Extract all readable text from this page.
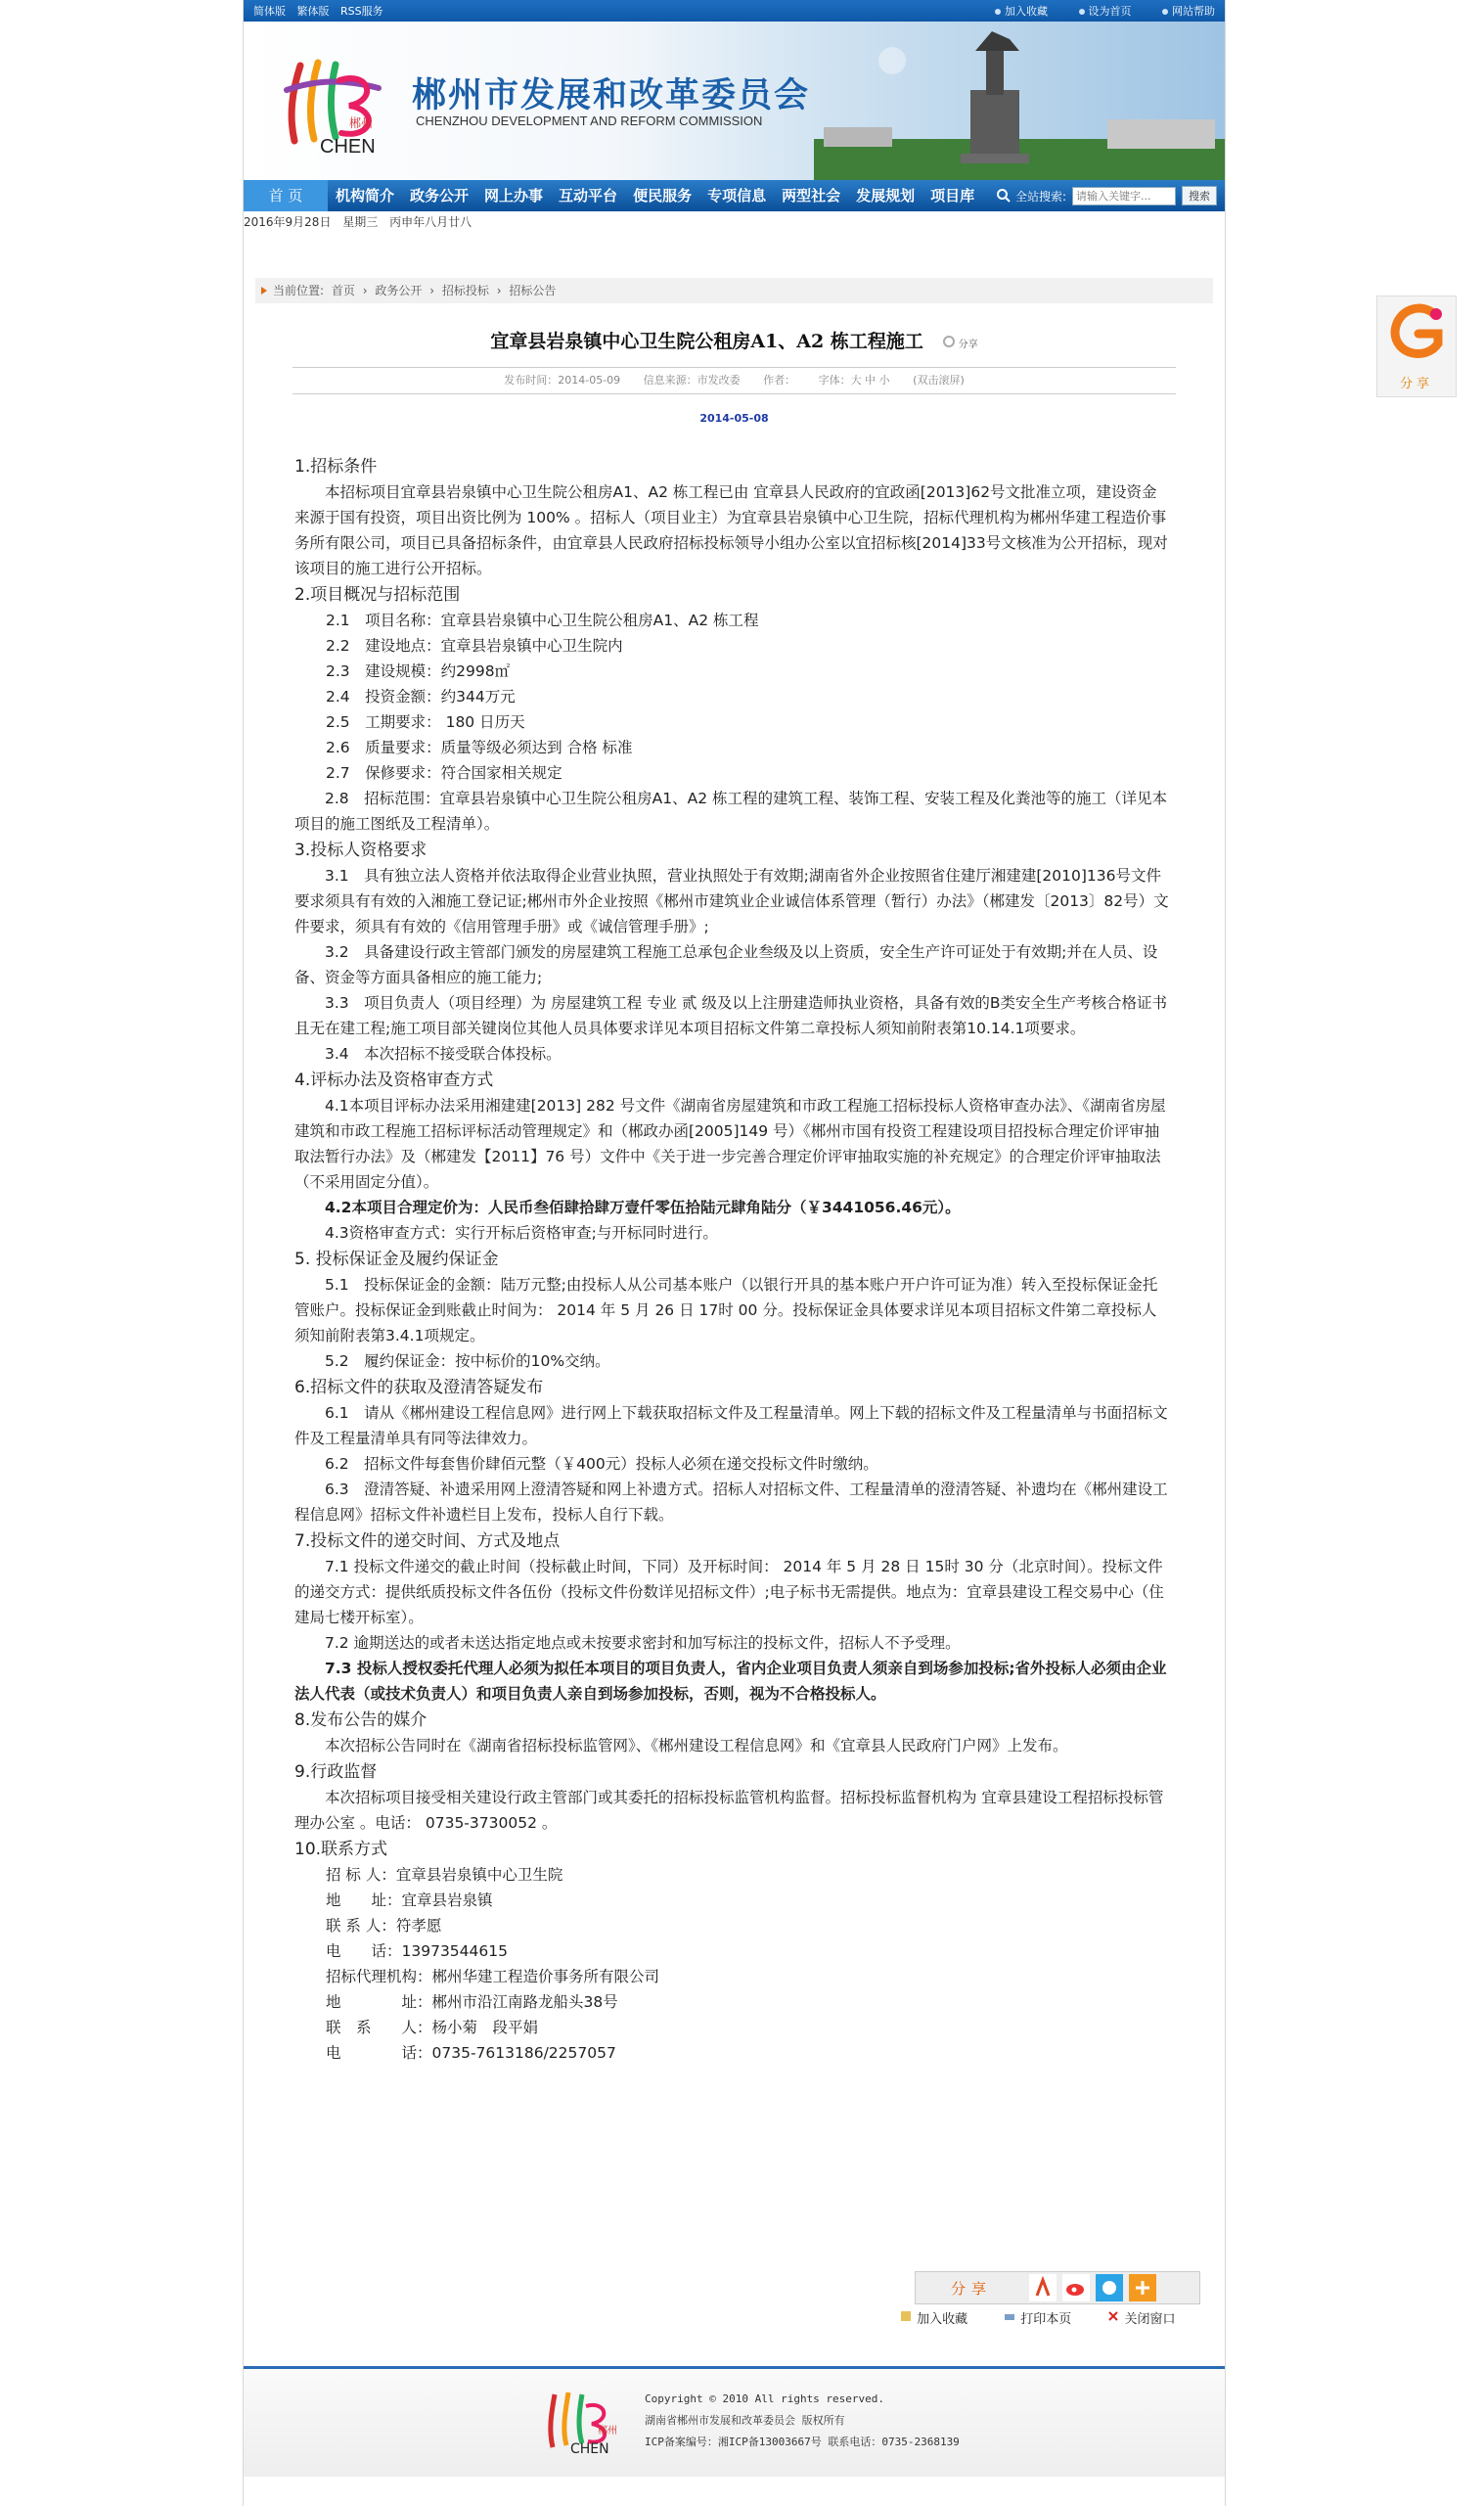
简体版 繁体版 RSS服务	加入收藏	设为首页	网站帮助
郴州
CHEN
郴州市发展和改革委员会
CHENZHOU DEVELOPMENT AND REFORM COMMISSION
首 页	机构简介	政务公开	网上办事	互动平台	便民服务	专项信息	两型社会	发展规划	项目库	全站搜索:
请输入关键字...	搜索
2016年9月28日 星期三 丙申年八月廿八
当前位置: 首页 › 政务公开 › 招标投标 › 招标公告
宜章县岩泉镇中心卫生院公租房A1、A2 栋工程施工	分享
发布时间：2014-05-09 信息来源：市发改委 作者： 字体：大 中 小 (双击滚屏)
2014-05-08
1.招标条件

本招标项目宜章县岩泉镇中心卫生院公租房A1、A2 栋工程已由 宜章县人民政府的宜政函[2013]62号文批准立项，建设资金来源于国有投资，项目出资比例为 100% 。招标人（项目业主）为宜章县岩泉镇中心卫生院，招标代理机构为郴州华建工程造价事务所有限公司，项目已具备招标条件，由宜章县人民政府招标投标领导小组办公室以宜招标核[2014]33号文核准为公开招标，现对该项目的施工进行公开招标。

2.项目概况与招标范围

2.1　项目名称：宜章县岩泉镇中心卫生院公租房A1、A2 栋工程

2.2　建设地点：宜章县岩泉镇中心卫生院内

2.3　建设规模：约2998㎡

2.4　投资金额：约344万元

2.5　工期要求： 180 日历天

2.6　质量要求：质量等级必须达到 合格 标准

2.7　保修要求：符合国家相关规定

2.8　招标范围：宜章县岩泉镇中心卫生院公租房A1、A2 栋工程的建筑工程、装饰工程、安装工程及化粪池等的施工（详见本项目的施工图纸及工程清单）。

3.投标人资格要求

3.1　具有独立法人资格并依法取得企业营业执照，营业执照处于有效期;湖南省外企业按照省住建厅湘建建[2010]136号文件要求须具有有效的入湘施工登记证;郴州市外企业按照《郴州市建筑业企业诚信体系管理（暂行）办法》（郴建发〔2013〕82号）文件要求，须具有有效的《信用管理手册》或《诚信管理手册》;

3.2　具备建设行政主管部门颁发的房屋建筑工程施工总承包企业叁级及以上资质，安全生产许可证处于有效期;并在人员、设备、资金等方面具备相应的施工能力;

3.3　项目负责人（项目经理）为 房屋建筑工程 专业 贰 级及以上注册建造师执业资格，具备有效的B类安全生产考核合格证书且无在建工程;施工项目部关键岗位其他人员具体要求详见本项目招标文件第二章投标人须知前附表第10.14.1项要求。

3.4　本次招标不接受联合体投标。

4.评标办法及资格审查方式

4.1本项目评标办法采用湘建建[2013] 282 号文件《湖南省房屋建筑和市政工程施工招标投标人资格审查办法》、《湖南省房屋建筑和市政工程施工招标评标活动管理规定》和（郴政办函[2005]149 号）《郴州市国有投资工程建设项目招投标合理定价评审抽取法暂行办法》及（郴建发【2011】76 号）文件中《关于进一步完善合理定价评审抽取实施的补充规定》的合理定价评审抽取法（不采用固定分值）。

4.2本项目合理定价为：人民币叁佰肆拾肆万壹仟零伍拾陆元肆角陆分（￥3441056.46元）。

4.3资格审查方式：实行开标后资格审查;与开标同时进行。

5. 投标保证金及履约保证金

5.1　投标保证金的金额：陆万元整;由投标人从公司基本账户（以银行开具的基本账户开户许可证为准）转入至投标保证金托管账户。投标保证金到账截止时间为： 2014 年 5 月 26 日 17时 00 分。投标保证金具体要求详见本项目招标文件第二章投标人须知前附表第3.4.1项规定。

5.2　履约保证金：按中标价的10%交纳。

6.招标文件的获取及澄清答疑发布

6.1　请从《郴州建设工程信息网》进行网上下载获取招标文件及工程量清单。网上下载的招标文件及工程量清单与书面招标文件及工程量清单具有同等法律效力。

6.2　招标文件每套售价肆佰元整（￥400元）投标人必须在递交投标文件时缴纳。

6.3　澄清答疑、补遗采用网上澄清答疑和网上补遗方式。招标人对招标文件、工程量清单的澄清答疑、补遗均在《郴州建设工程信息网》招标文件补遗栏目上发布，投标人自行下载。

7.投标文件的递交时间、方式及地点

7.1 投标文件递交的截止时间（投标截止时间，下同）及开标时间： 2014 年 5 月 28 日 15时 30 分（北京时间）。投标文件的递交方式：提供纸质投标文件各伍份（投标文件份数详见招标文件）;电子标书无需提供。地点为：宜章县建设工程交易中心（住建局七楼开标室）。

7.2 逾期送达的或者未送达指定地点或未按要求密封和加写标注的投标文件，招标人不予受理。

7.3 投标人授权委托代理人必须为拟任本项目的项目负责人，省内企业项目负责人须亲自到场参加投标;省外投标人必须由企业法人代表（或技术负责人）和项目负责人亲自到场参加投标，否则，视为不合格投标人。

8.发布公告的媒介

本次招标公告同时在《湖南省招标投标监管网》、《郴州建设工程信息网》和《宜章县人民政府门户网》上发布。

9.行政监督

本次招标项目接受相关建设行政主管部门或其委托的招标投标监管机构监督。招标投标监督机构为 宜章县建设工程招标投标管理办公室 。电话： 0735-3730052 。

10.联系方式

招 标 人：宜章县岩泉镇中心卫生院

地　　址：宜章县岩泉镇

联 系 人：符孝愿

电　　话：13973544615

招标代理机构：郴州华建工程造价事务所有限公司

地　　　　址：郴州市沿江南路龙船头38号

联　系　　人：杨小菊　段平娟

电　　　　话：0735-7613186/2257057

分享
加入收藏	打印本页	关闭窗口
郴州
CHEN
Copyright © 2010 All rights reserved.
湖南省郴州市发展和改革委员会 版权所有
ICP备案编号：湘ICP备13003667号 联系电话：0735-2368139
分享
